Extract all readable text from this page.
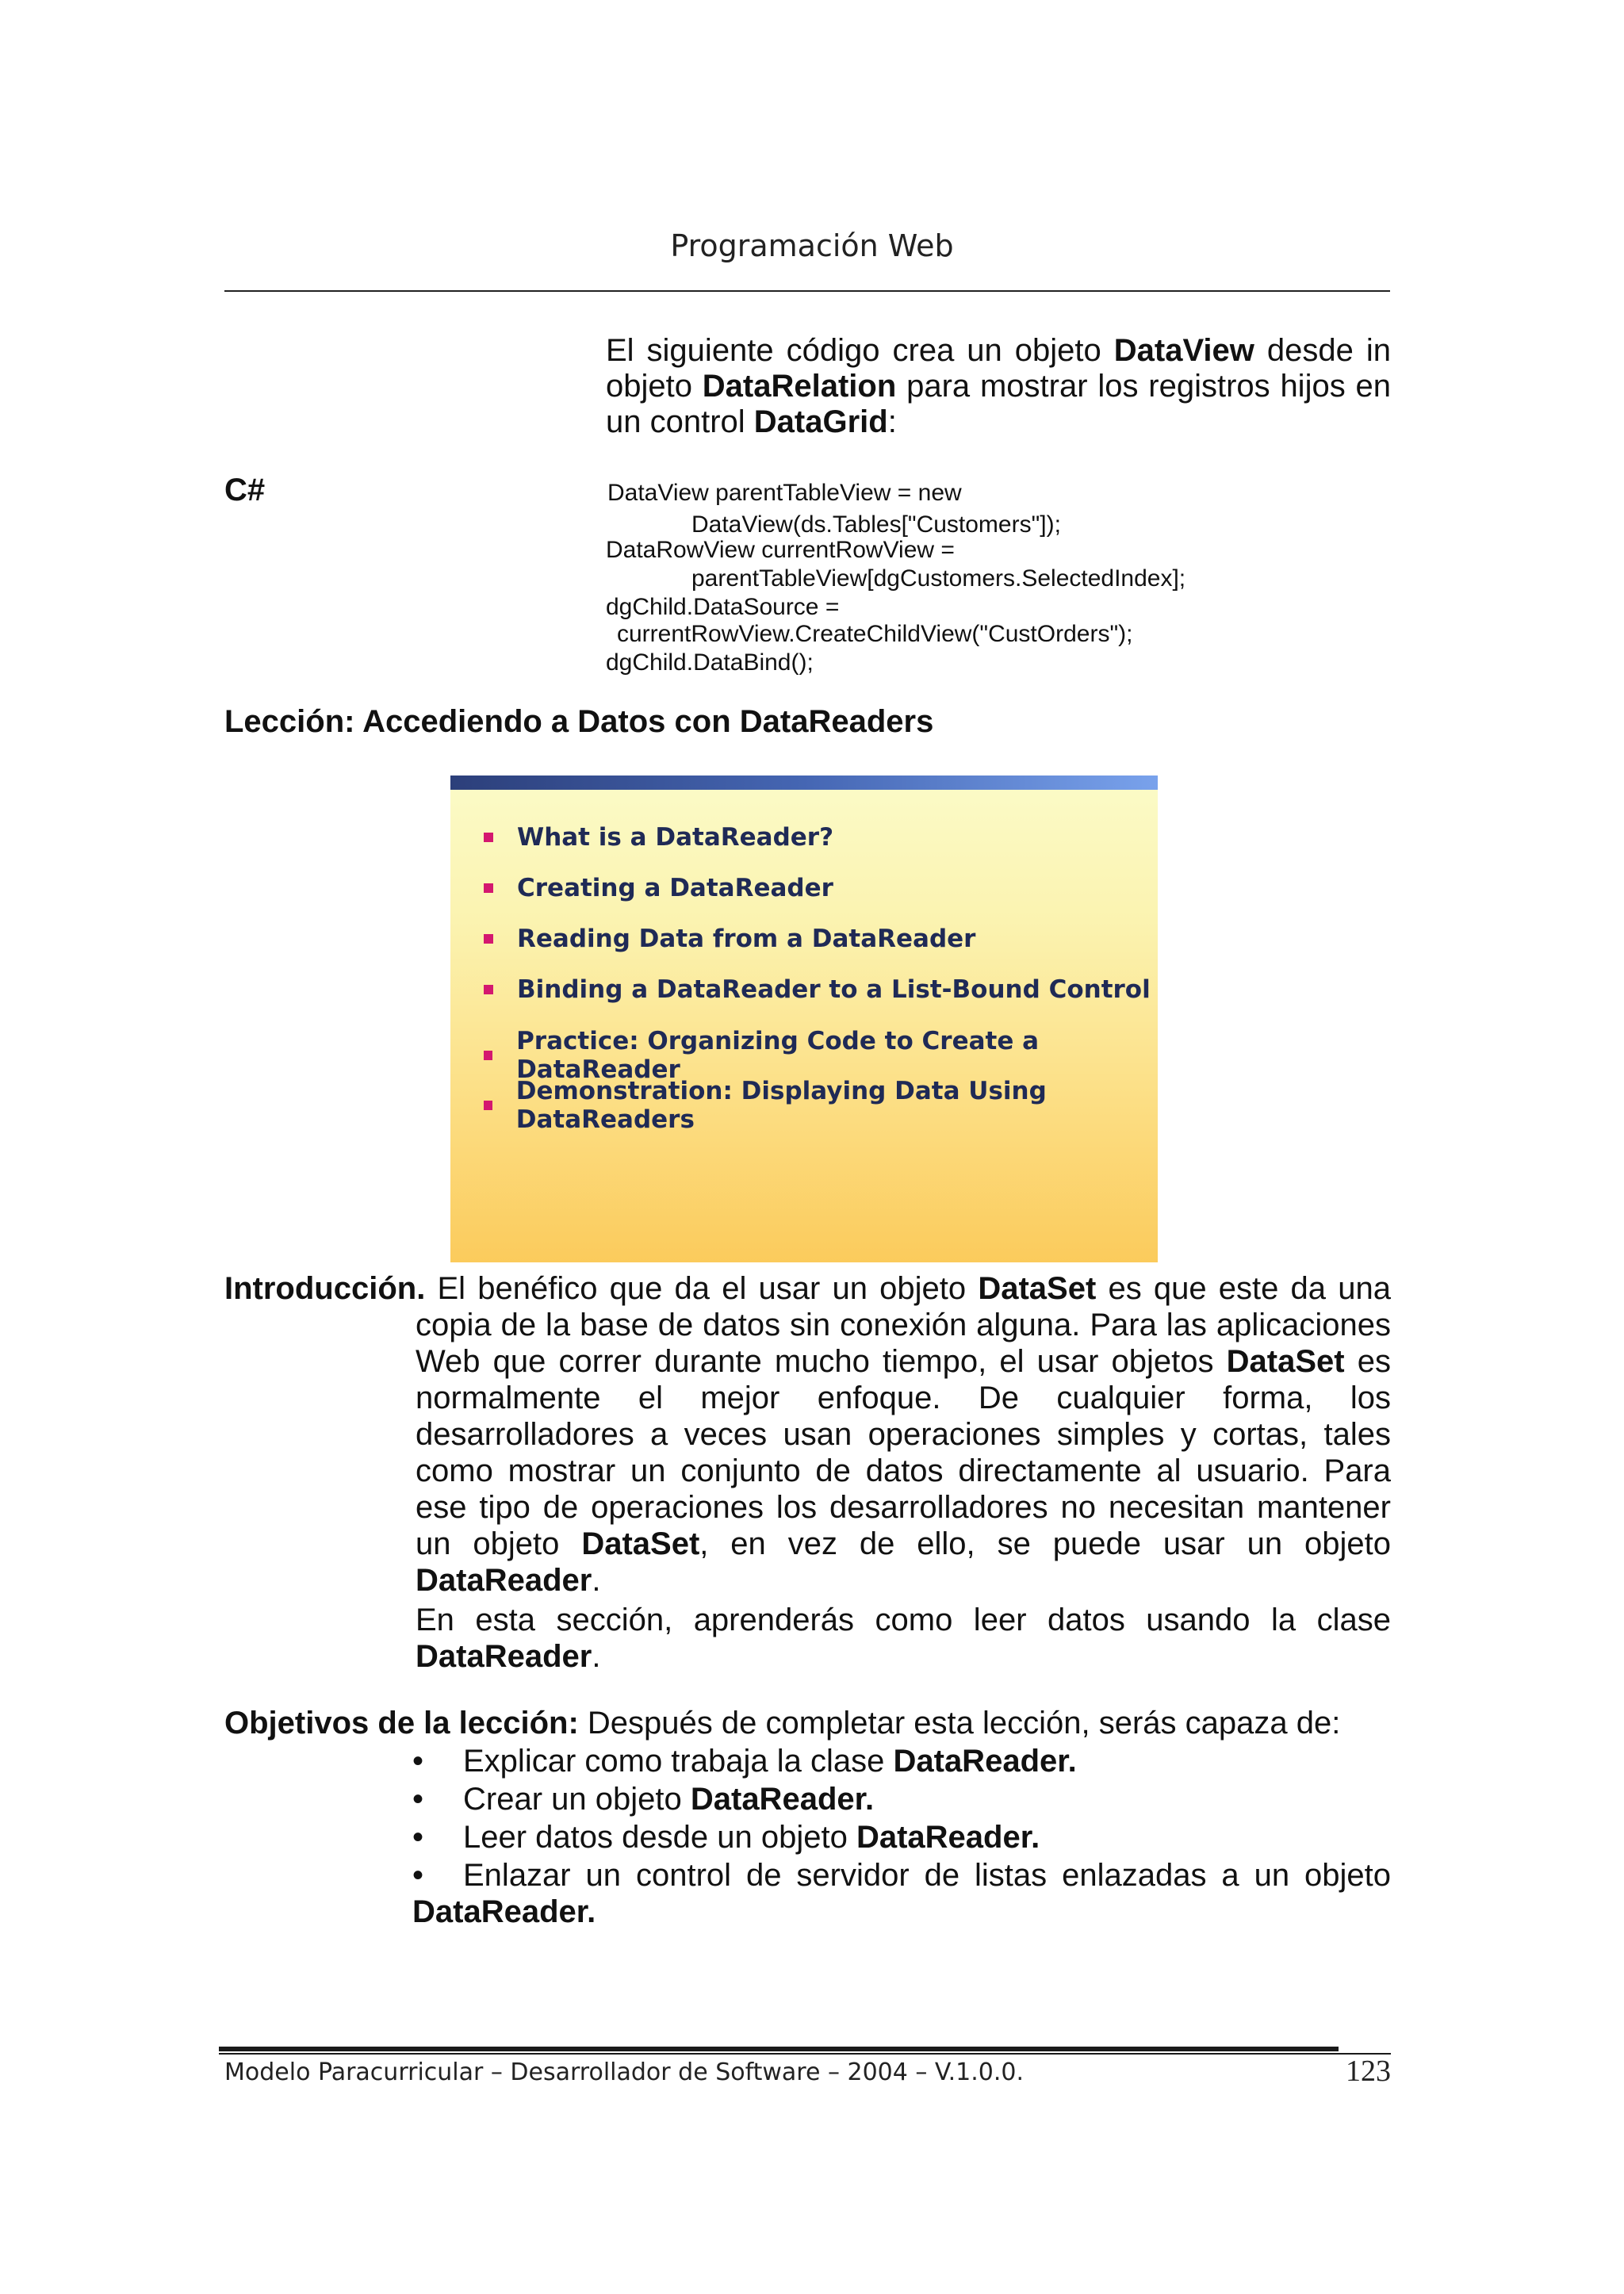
Programación Web
El siguiente código crea un objeto DataView desde in
objeto DataRelation para mostrar los registros hijos en
un control DataGrid:
C#	DataView parentTableView = new
DataView(ds.Tables["Customers"]);
DataRowView currentRowView =
parentTableView[dgCustomers.SelectedIndex];
dgChild.DataSource =
currentRowView.CreateChildView("CustOrders");
dgChild.DataBind();
Lección: Accediendo a Datos con DataReaders
What is a DataReader?
Creating a DataReader
Reading Data from a DataReader
Binding a DataReader to a List-Bound Control
Practice: Organizing Code to Create a DataReader
Demonstration: Displaying Data Using DataReaders
Introducción. El benéfico que da el usar un objeto DataSet es que este da una
copia de la base de datos sin conexión alguna. Para las aplicaciones
Web que correr durante mucho tiempo, el usar objetos DataSet es
normalmente el mejor enfoque. De cualquier forma, los
desarrolladores a veces usan operaciones simples y cortas, tales
como mostrar un conjunto de datos directamente al usuario. Para
ese tipo de operaciones los desarrolladores no necesitan mantener
un objeto DataSet, en vez de ello, se puede usar un objeto
DataReader.
En esta sección, aprenderás como leer datos usando la clase
DataReader.
Objetivos de la lección: Después de completar esta lección, serás capaza de:
•	Explicar como trabaja la clase DataReader.
•	Crear un objeto DataReader.
•	Leer datos desde un objeto DataReader.
•	Enlazar un control de servidor de listas enlazadas a un objeto
DataReader.
Modelo Paracurricular – Desarrollador de Software – 2004 – V.1.0.0.	123
